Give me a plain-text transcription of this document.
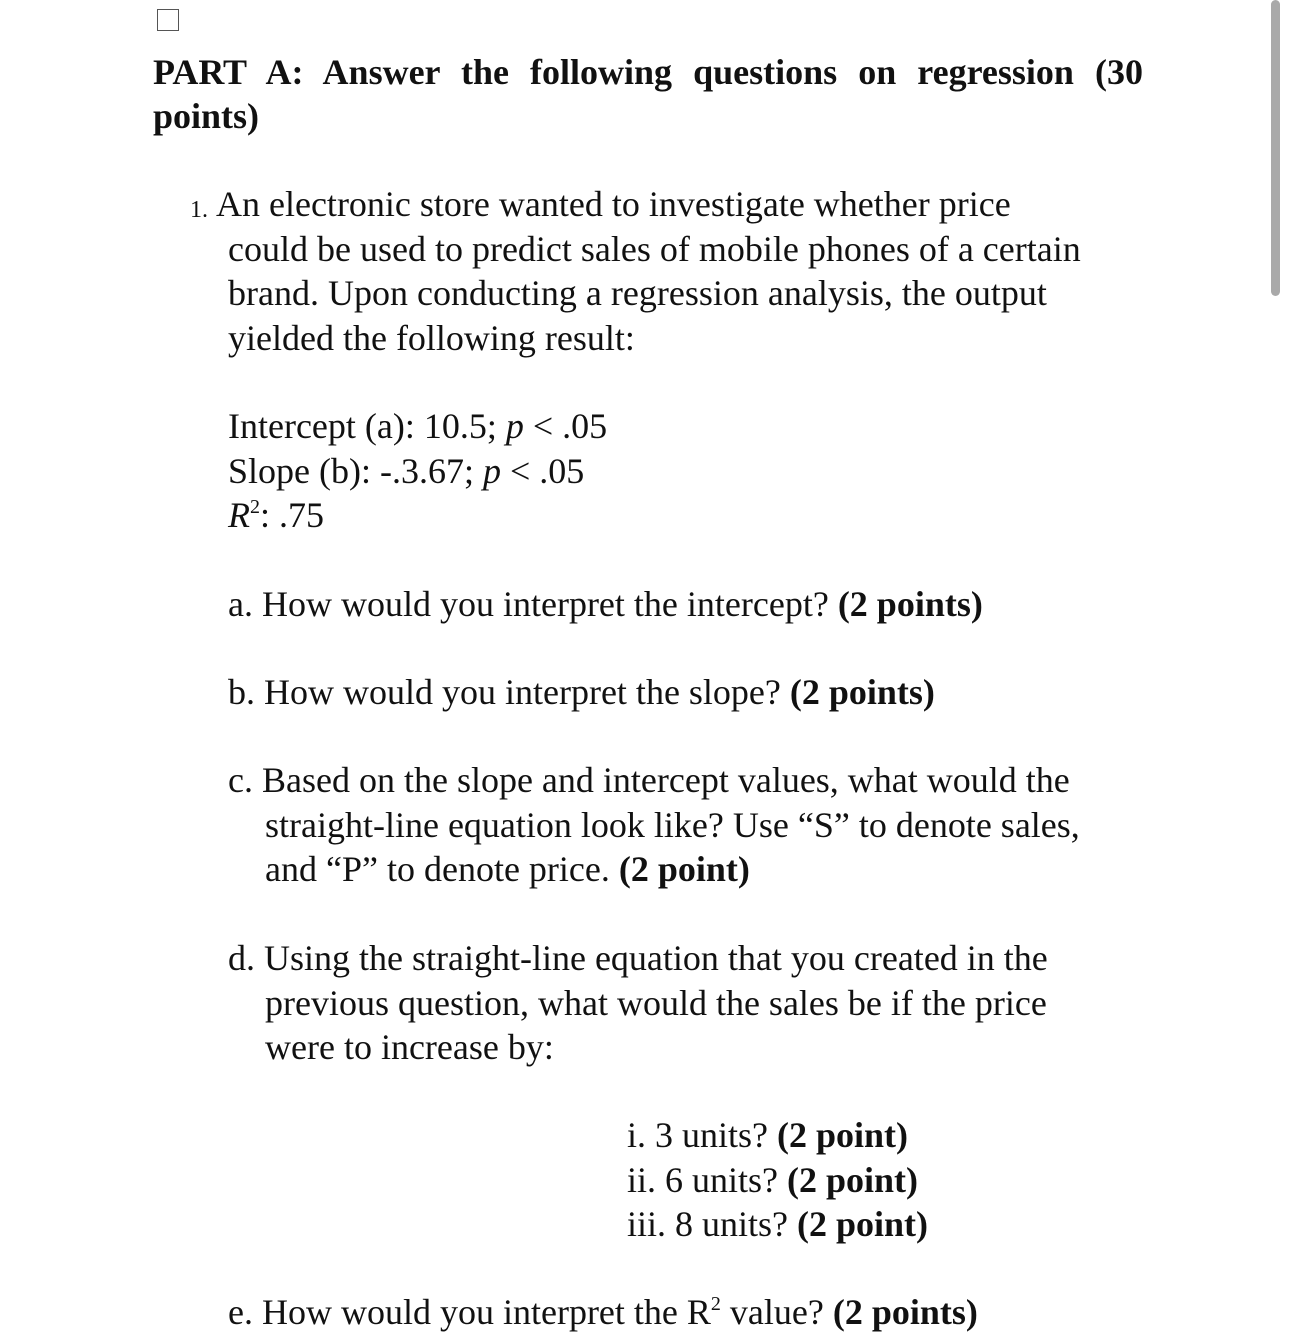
PART A: Answer the following questions on regression (30 points)

1. An electronic store wanted to investigate whether price
could be used to predict sales of mobile phones of a certain
brand. Upon conducting a regression analysis, the output
yielded the following result:
Intercept (a): 10.5; p < .05
Slope (b): -.3.67; p < .05
$R^2$: .75
a. How would you interpret the intercept? (2 points)
b. How would you interpret the slope? (2 points)
c. Based on the slope and intercept values, what would the
straight-line equation look like? Use “S” to denote sales,
and “P” to denote price. (2 point)
d. Using the straight-line equation that you created in the
previous question, what would the sales be if the price
were to increase by:
i. 3 units? (2 point)
ii. 6 units? (2 point)
iii. 8 units? (2 point)
e. How would you interpret the $R^2$ value? (2 points)
